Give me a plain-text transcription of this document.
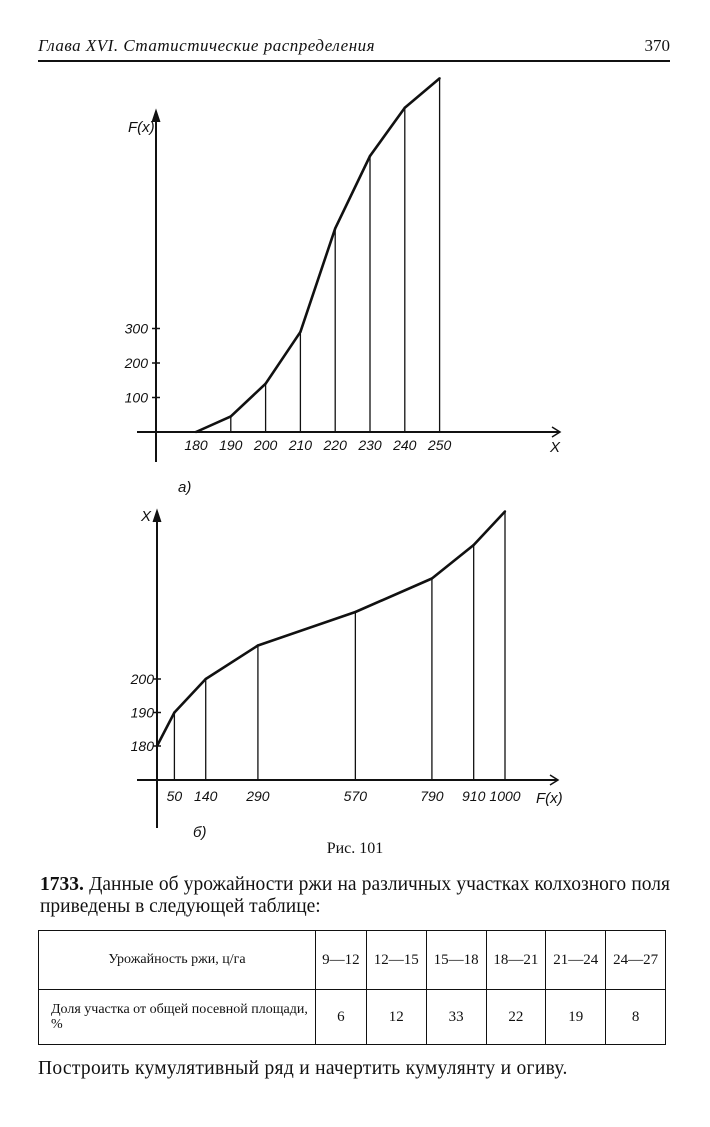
Глава XVI. Статистические распределения	370
100
200
300
180 190 200 210 220 230 240 250	X
F(x)
180
190
200
50 140 290	570	790 910 1000 F(x)
X
а)
б)
Рис. 101
1733. Данные об урожайности ржи на различных участках колхозного поля приведены в следующей таблице:
Урожайность ржи, ц/га	9—12	12—15	15—18	18—21	21—24	24—27
Доля участка от общей посевной площади, %	6	12	33	22	19	8
Построить кумулятивный ряд и начертить кумулянту и огиву.
